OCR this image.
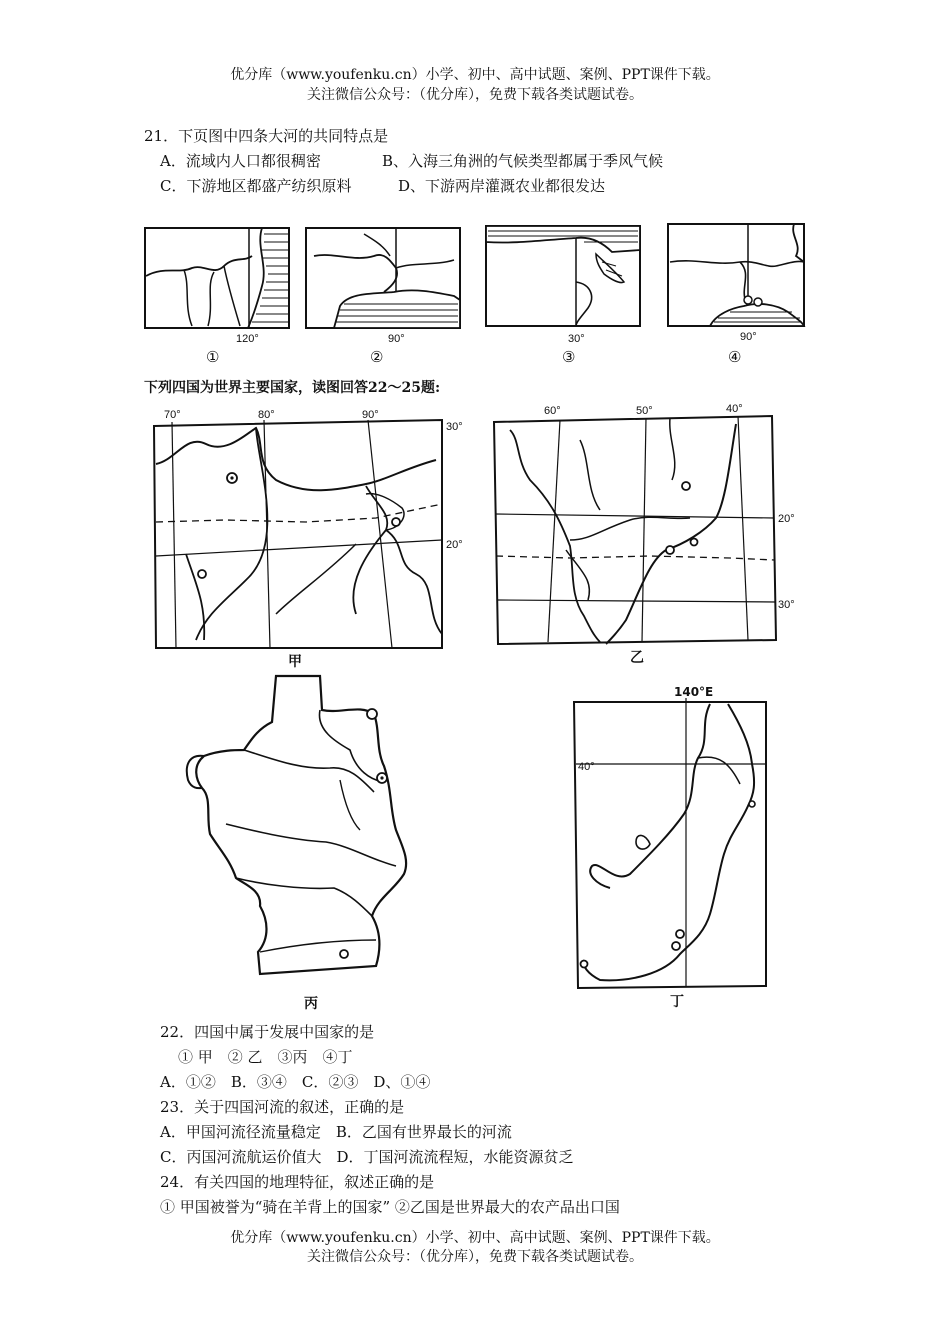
优分库（www.youfenku.cn）小学、初中、高中试题、案例、PPT课件下载。
关注微信公众号：（优分库），免费下载各类试题试卷。
21．下页图中四条大河的共同特点是
A．流域内人口都很稠密	B、入海三角洲的气候类型都属于季风气候
C．下游地区都盛产纺织原料	D、下游两岸灌溉农业都很发达
120°
①
90°
②
30°
③
90°
④
下列四国为世界主要国家，读图回答22～25题:
70°	80°	90°
30°
20°
甲
60°	50°	40°
20°
30°
乙
丙
140°E
40°
丁
22．四国中属于发展中国家的是
① 甲　② 乙　③丙　④丁
A．①②　B．③④　C．②③　D、①④
23．关于四国河流的叙述，正确的是
A．甲国河流径流量稳定　B．乙国有世界最长的河流
C．丙国河流航运价值大　D．丁国河流流程短，水能资源贫乏
24．有关四国的地理特征，叙述正确的是
① 甲国被誉为“骑在羊背上的国家” ②乙国是世界最大的农产品出口国
优分库（www.youfenku.cn）小学、初中、高中试题、案例、PPT课件下载。
关注微信公众号：（优分库），免费下载各类试题试卷。
